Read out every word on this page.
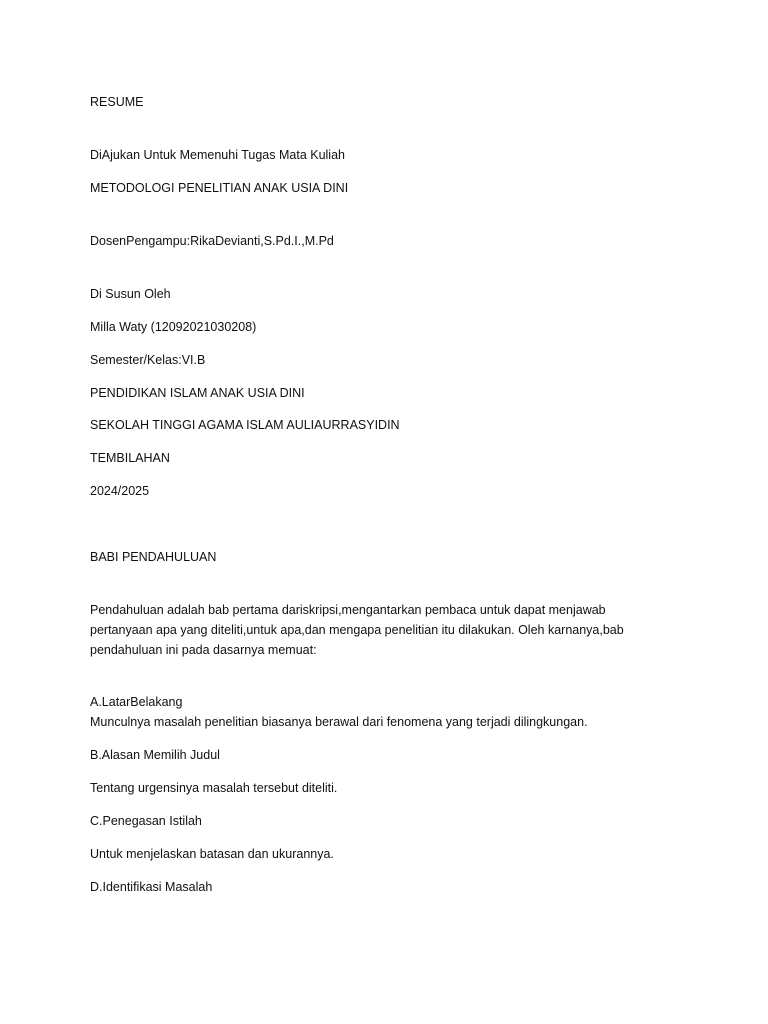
RESUME

DiAjukan Untuk Memenuhi Tugas Mata Kuliah

METODOLOGI PENELITIAN ANAK USIA DINI

DosenPengampu:RikaDevianti,S.Pd.I.,M.Pd

Di Susun Oleh

Milla Waty (12092021030208)

Semester/Kelas:VI.B

PENDIDIKAN ISLAM ANAK USIA DINI

SEKOLAH TINGGI AGAMA ISLAM AULIAURRASYIDIN

TEMBILAHAN

2024/2025

BABI PENDAHULUAN

Pendahuluan adalah bab pertama dariskripsi,mengantarkan pembaca untuk dapat menjawab pertanyaan apa yang diteliti,untuk apa,dan mengapa penelitian itu dilakukan. Oleh karnanya,bab pendahuluan ini pada dasarnya memuat:

A.LatarBelakang

Munculnya masalah penelitian biasanya berawal dari fenomena yang terjadi dilingkungan.

B.Alasan Memilih Judul

Tentang urgensinya masalah tersebut diteliti.

C.Penegasan Istilah

Untuk menjelaskan batasan dan ukurannya.

D.Identifikasi Masalah
